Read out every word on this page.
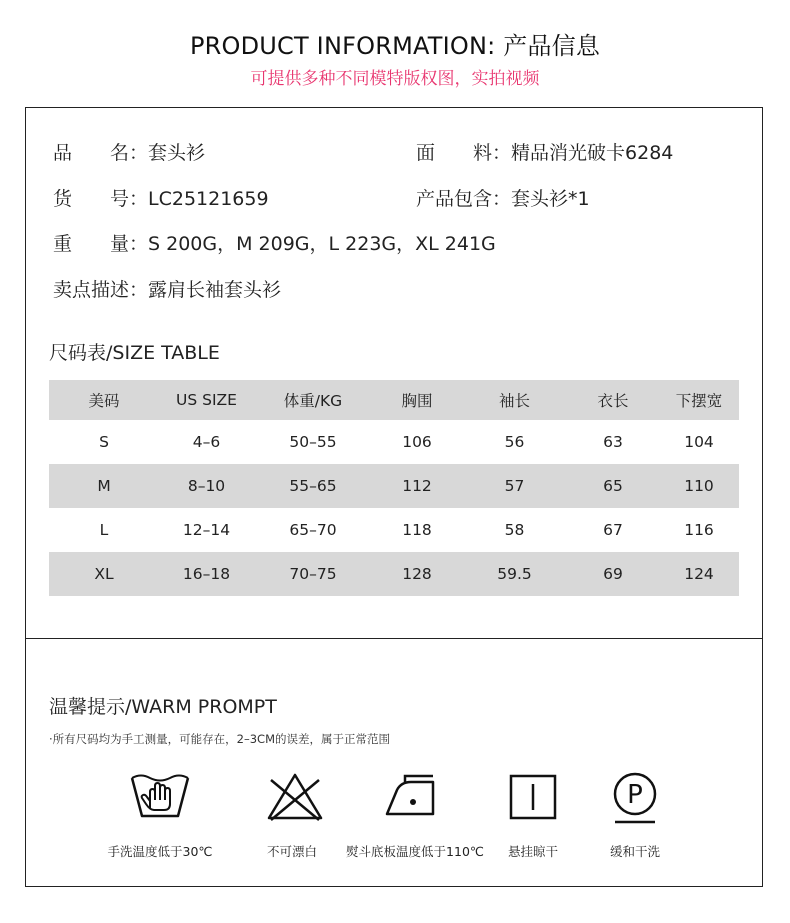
PRODUCT INFORMATION: 产品信息
可提供多种不同模特版权图，实拍视频
品　　名：套头衫	面　　料：精品消光破卡6284
货　　号：LC25121659	产品包含：套头衫*1
重　　量：S 200G，M 209G，L 223G，XL 241G
卖点描述：露肩长袖套头衫
尺码表/SIZE TABLE
美码	US SIZE	体重/KG	胸围	袖长	衣长	下摆宽
S	4–6	50–55	106	56	63	104
M	8–10	55–65	112	57	65	110
L	12–14	65–70	118	58	67	116
XL	16–18	70–75	128	59.5	69	124
温馨提示/WARM PROMPT
·所有尺码均为手工测量，可能存在，2–3CM的误差，属于正常范围
手洗温度低于30℃	不可漂白	熨斗底板温度低于110℃	悬挂晾干
P
缓和干洗
